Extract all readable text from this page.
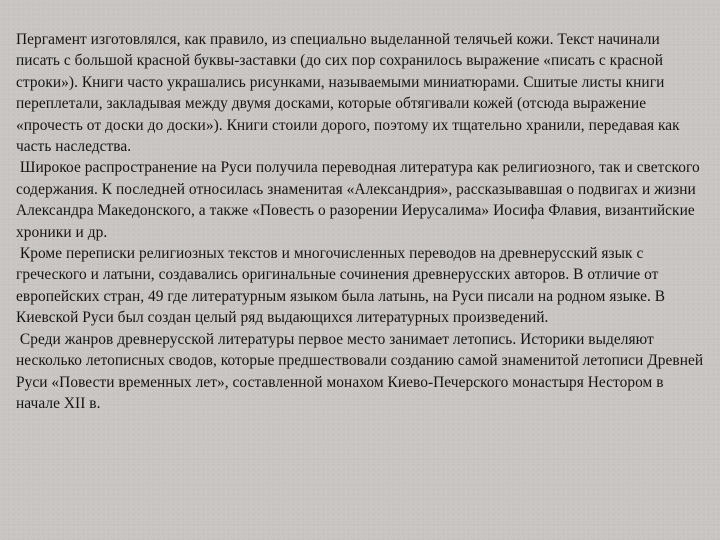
Пергамент изготовлялся, как правило, из специально выделанной телячьей кожи. Текст начинали писать с большой красной буквы-заставки (до сих пор сохранилось выражение «писать с красной строки»). Книги часто украшались рисунками, называемыми миниатюрами. Сшитые листы книги переплетали, закладывая между двумя досками, которые обтягивали кожей (отсюда выражение «прочесть от доски до доски»). Книги стоили дорого, поэтому их тщательно хранили, передавая как часть наследства.

Широкое распространение на Руси получила переводная литература как религиозного, так и светского содержания. К последней относилась знаменитая «Александрия», рассказывавшая о подвигах и жизни Александра Македонского, а также «Повесть о разорении Иерусалима» Иосифа Флавия, византийские хроники и др.

Кроме переписки религиозных текстов и многочисленных переводов на древнерусский язык с греческого и латыни, создавались оригинальные сочинения древнерусских авторов. В отличие от европейских стран, 49 где литературным языком была латынь, на Руси писали на родном языке. В Киевской Руси был создан целый ряд выдающихся литературных произведений.

Среди жанров древнерусской литературы первое место занимает летопись. Историки выделяют несколько летописных сводов, которые предшествовали созданию самой знаменитой летописи Древней Руси «Повести временных лет», составленной монахом Киево-Печерского монастыря Нестором в начале XII в.
